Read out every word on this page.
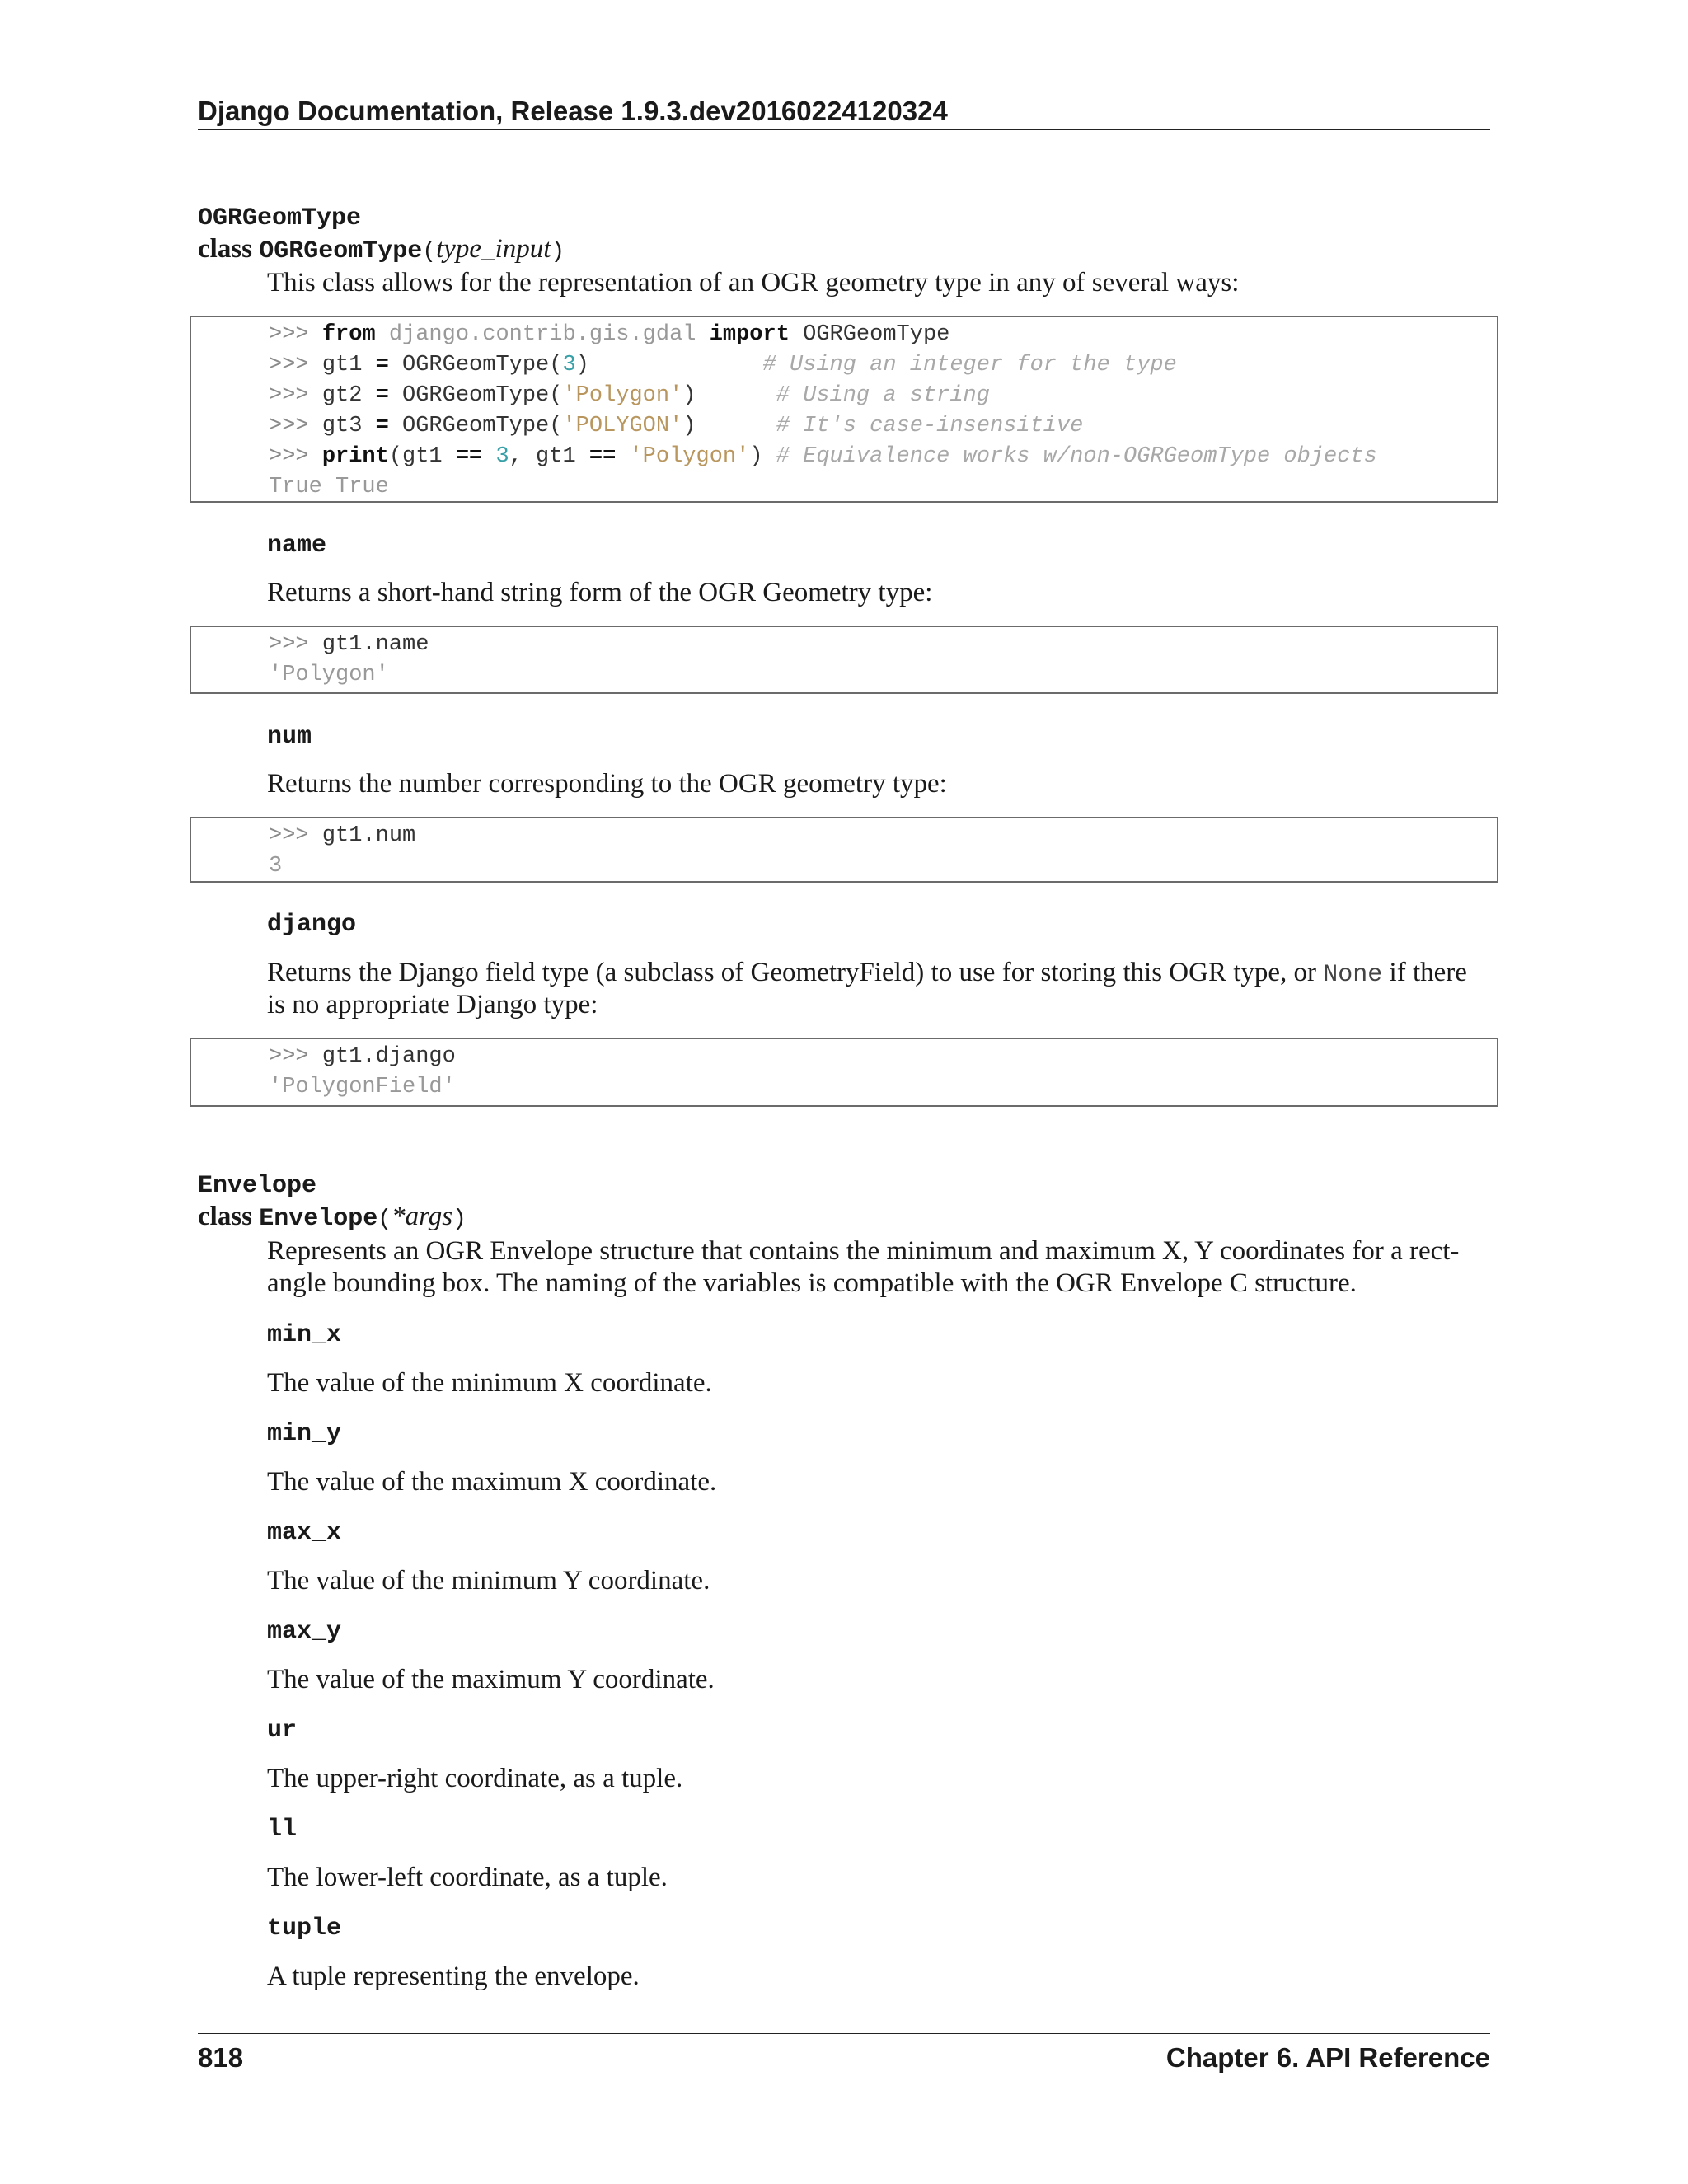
Django Documentation, Release 1.9.3.dev20160224120324
OGRGeomType
class OGRGeomType(type_input)
This class allows for the representation of an OGR geometry type in any of several ways:
>>> from django.contrib.gis.gdal import OGRGeomType
>>> gt1 = OGRGeomType(3)	# Using an integer for the type
>>> gt2 = OGRGeomType('Polygon')	# Using a string
>>> gt3 = OGRGeomType('POLYGON')	# It's case-insensitive
>>> print(gt1 == 3, gt1 == 'Polygon') # Equivalence works w/non-OGRGeomType objects
True True
name
Returns a short-hand string form of the OGR Geometry type:
>>> gt1.name
'Polygon'
num
Returns the number corresponding to the OGR geometry type:
>>> gt1.num
3
django
Returns the Django field type (a subclass of GeometryField) to use for storing this OGR type, or None if there
is no appropriate Django type:
>>> gt1.django
'PolygonField'
Envelope
class Envelope(*args)
Represents an OGR Envelope structure that contains the minimum and maximum X, Y coordinates for a rect-
angle bounding box. The naming of the variables is compatible with the OGR Envelope C structure.
min_x
The value of the minimum X coordinate.
min_y
The value of the maximum X coordinate.
max_x
The value of the minimum Y coordinate.
max_y
The value of the maximum Y coordinate.
ur
The upper-right coordinate, as a tuple.
ll
The lower-left coordinate, as a tuple.
tuple
A tuple representing the envelope.
818	Chapter 6. API Reference
